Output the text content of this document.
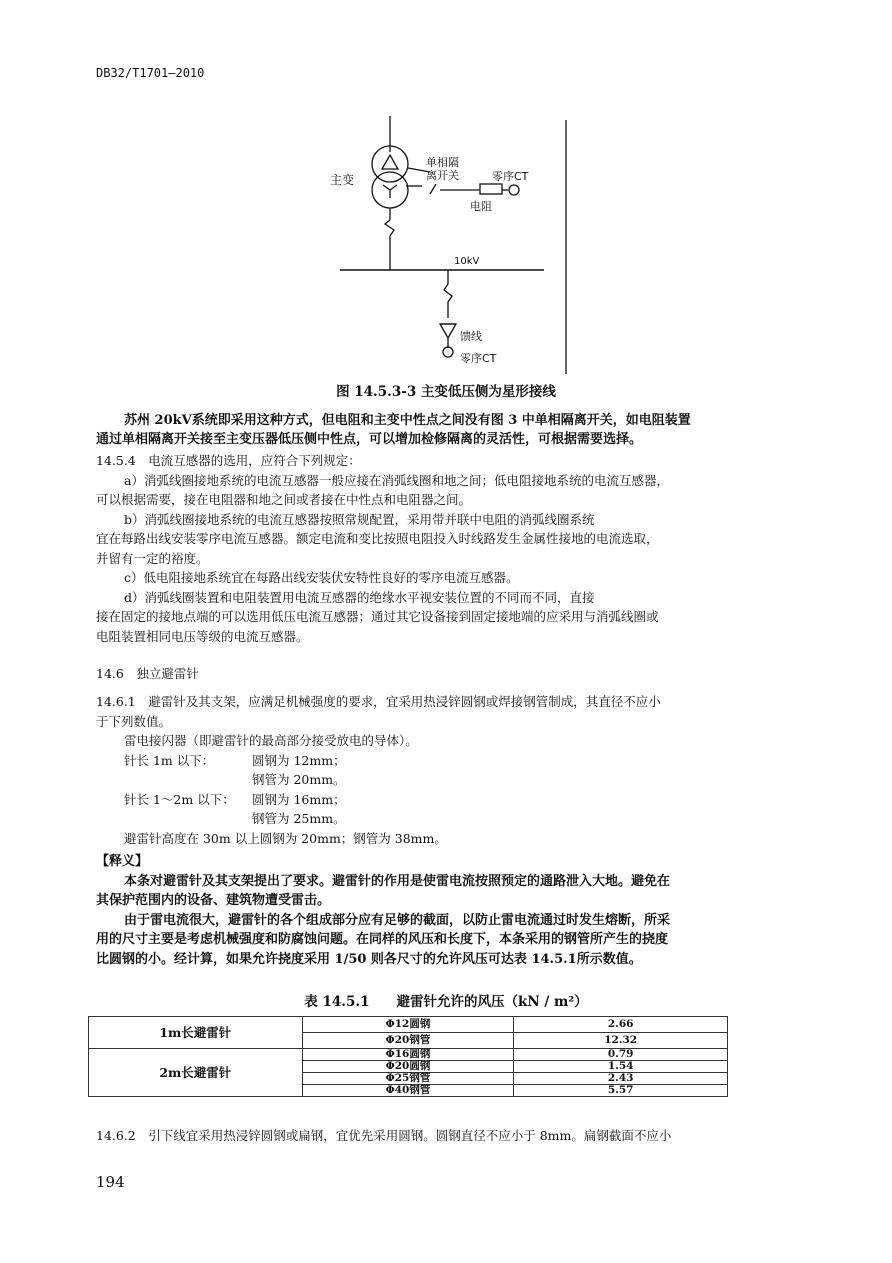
DB32/T1701—2010
主变
单相隔
离开关	零序CT
电阻
10kV
馈线
零序CT
图 14.5.3-3 主变低压侧为星形接线
苏州 20kV系统即采用这种方式，但电阻和主变中性点之间没有图 3 中单相隔离开关，如电阻装置
通过单相隔离开关接至主变压器低压侧中性点，可以增加检修隔离的灵活性，可根据需要选择。
14.5.4　电流互感器的选用，应符合下列规定：
a）消弧线圈接地系统的电流互感器一般应接在消弧线圈和地之间；低电阻接地系统的电流互感器，
可以根据需要，接在电阻器和地之间或者接在中性点和电阻器之间。
b）消弧线圈接地系统的电流互感器按照常规配置，采用带并联中电阻的消弧线圈系统
宜在每路出线安装零序电流互感器。额定电流和变比按照电阻投入时线路发生金属性接地的电流选取，
并留有一定的裕度。
c）低电阻接地系统宜在每路出线安装伏安特性良好的零序电流互感器。
d）消弧线圈装置和电阻装置用电流互感器的绝缘水平视安装位置的不同而不同，直接
接在固定的接地点端的可以选用低压电流互感器；通过其它设备接到固定接地端的应采用与消弧线圈或
电阻装置相同电压等级的电流互感器。
14.6　独立避雷针
14.6.1　避雷针及其支架，应满足机械强度的要求，宜采用热浸锌圆钢或焊接钢管制成，其直径不应小
于下列数值。
雷电接闪器（即避雷针的最高部分接受放电的导体）。
针长 1m 以下：	圆钢为 12mm；
钢管为 20mm。
针长 1～2m 以下： 圆钢为 16mm；
钢管为 25mm。
避雷针高度在 30m 以上圆钢为 20mm；钢管为 38mm。
【释义】
本条对避雷针及其支架提出了要求。避雷针的作用是使雷电流按照预定的通路泄入大地。避免在
其保护范围内的设备、建筑物遭受雷击。
由于雷电流很大，避雷针的各个组成部分应有足够的截面，以防止雷电流通过时发生熔断，所采
用的尺寸主要是考虑机械强度和防腐蚀问题。在同样的风压和长度下，本条采用的钢管所产生的挠度
比圆钢的小。经计算，如果允许挠度采用 1/50 则各尺寸的允许风压可达表 14.5.1所示数值。
表 14.5.1　　避雷针允许的风压（kN / m²）
1m长避雷针	Φ12圆钢	2.66
	Φ20钢管	12.32
2m长避雷针	Φ16圆钢	0.79
	Φ20圆钢	1.54
	Φ25钢管	2.43
	Φ40钢管	5.57
14.6.2　引下线宜采用热浸锌圆钢或扁钢，宜优先采用圆钢。圆钢直径不应小于 8mm。扁钢截面不应小
194
